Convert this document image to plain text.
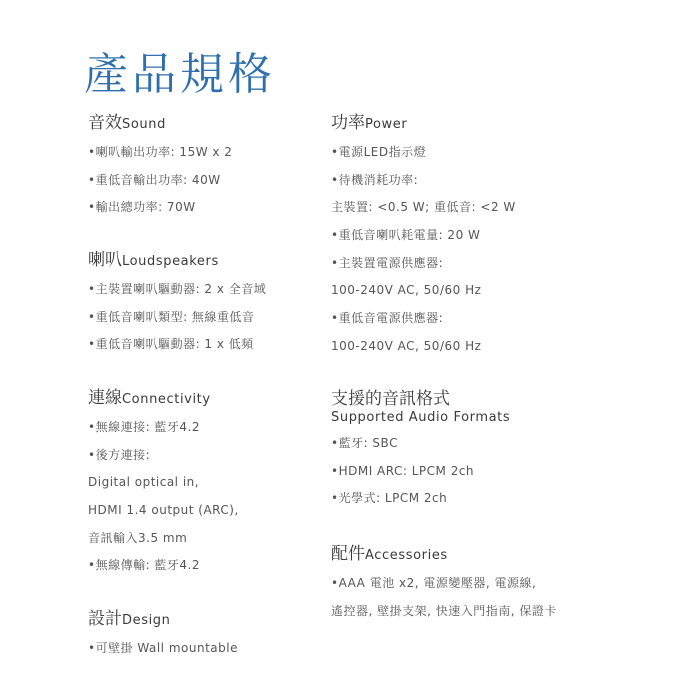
產品規格
音效Sound
•喇叭輸出功率: 15W x 2
•重低音輸出功率: 40W
•輸出總功率: 70W
喇叭Loudspeakers
•主裝置喇叭驅動器: 2 x 全音域
•重低音喇叭類型: 無線重低音
•重低音喇叭驅動器: 1 x 低頻
連線Connectivity
•無線連接: 藍牙4.2
•後方連接:
Digital optical in,
HDMI 1.4 output (ARC),
音訊輸入3.5 mm
•無線傳輸: 藍牙4.2
設計Design
•可壁掛 Wall mountable
功率Power
•電源LED指示燈
•待機消耗功率:
主裝置: <0.5 W; 重低音: <2 W
•重低音喇叭耗電量: 20 W
•主裝置電源供應器:
100-240V AC, 50/60 Hz
•重低音電源供應器:
100-240V AC, 50/60 Hz
支援的音訊格式
Supported Audio Formats
•藍牙: SBC
•HDMI ARC: LPCM 2ch
•光學式: LPCM 2ch
配件Accessories
•AAA 電池 x2, 電源變壓器, 電源線,
遙控器, 壁掛支架, 快速入門指南, 保證卡
